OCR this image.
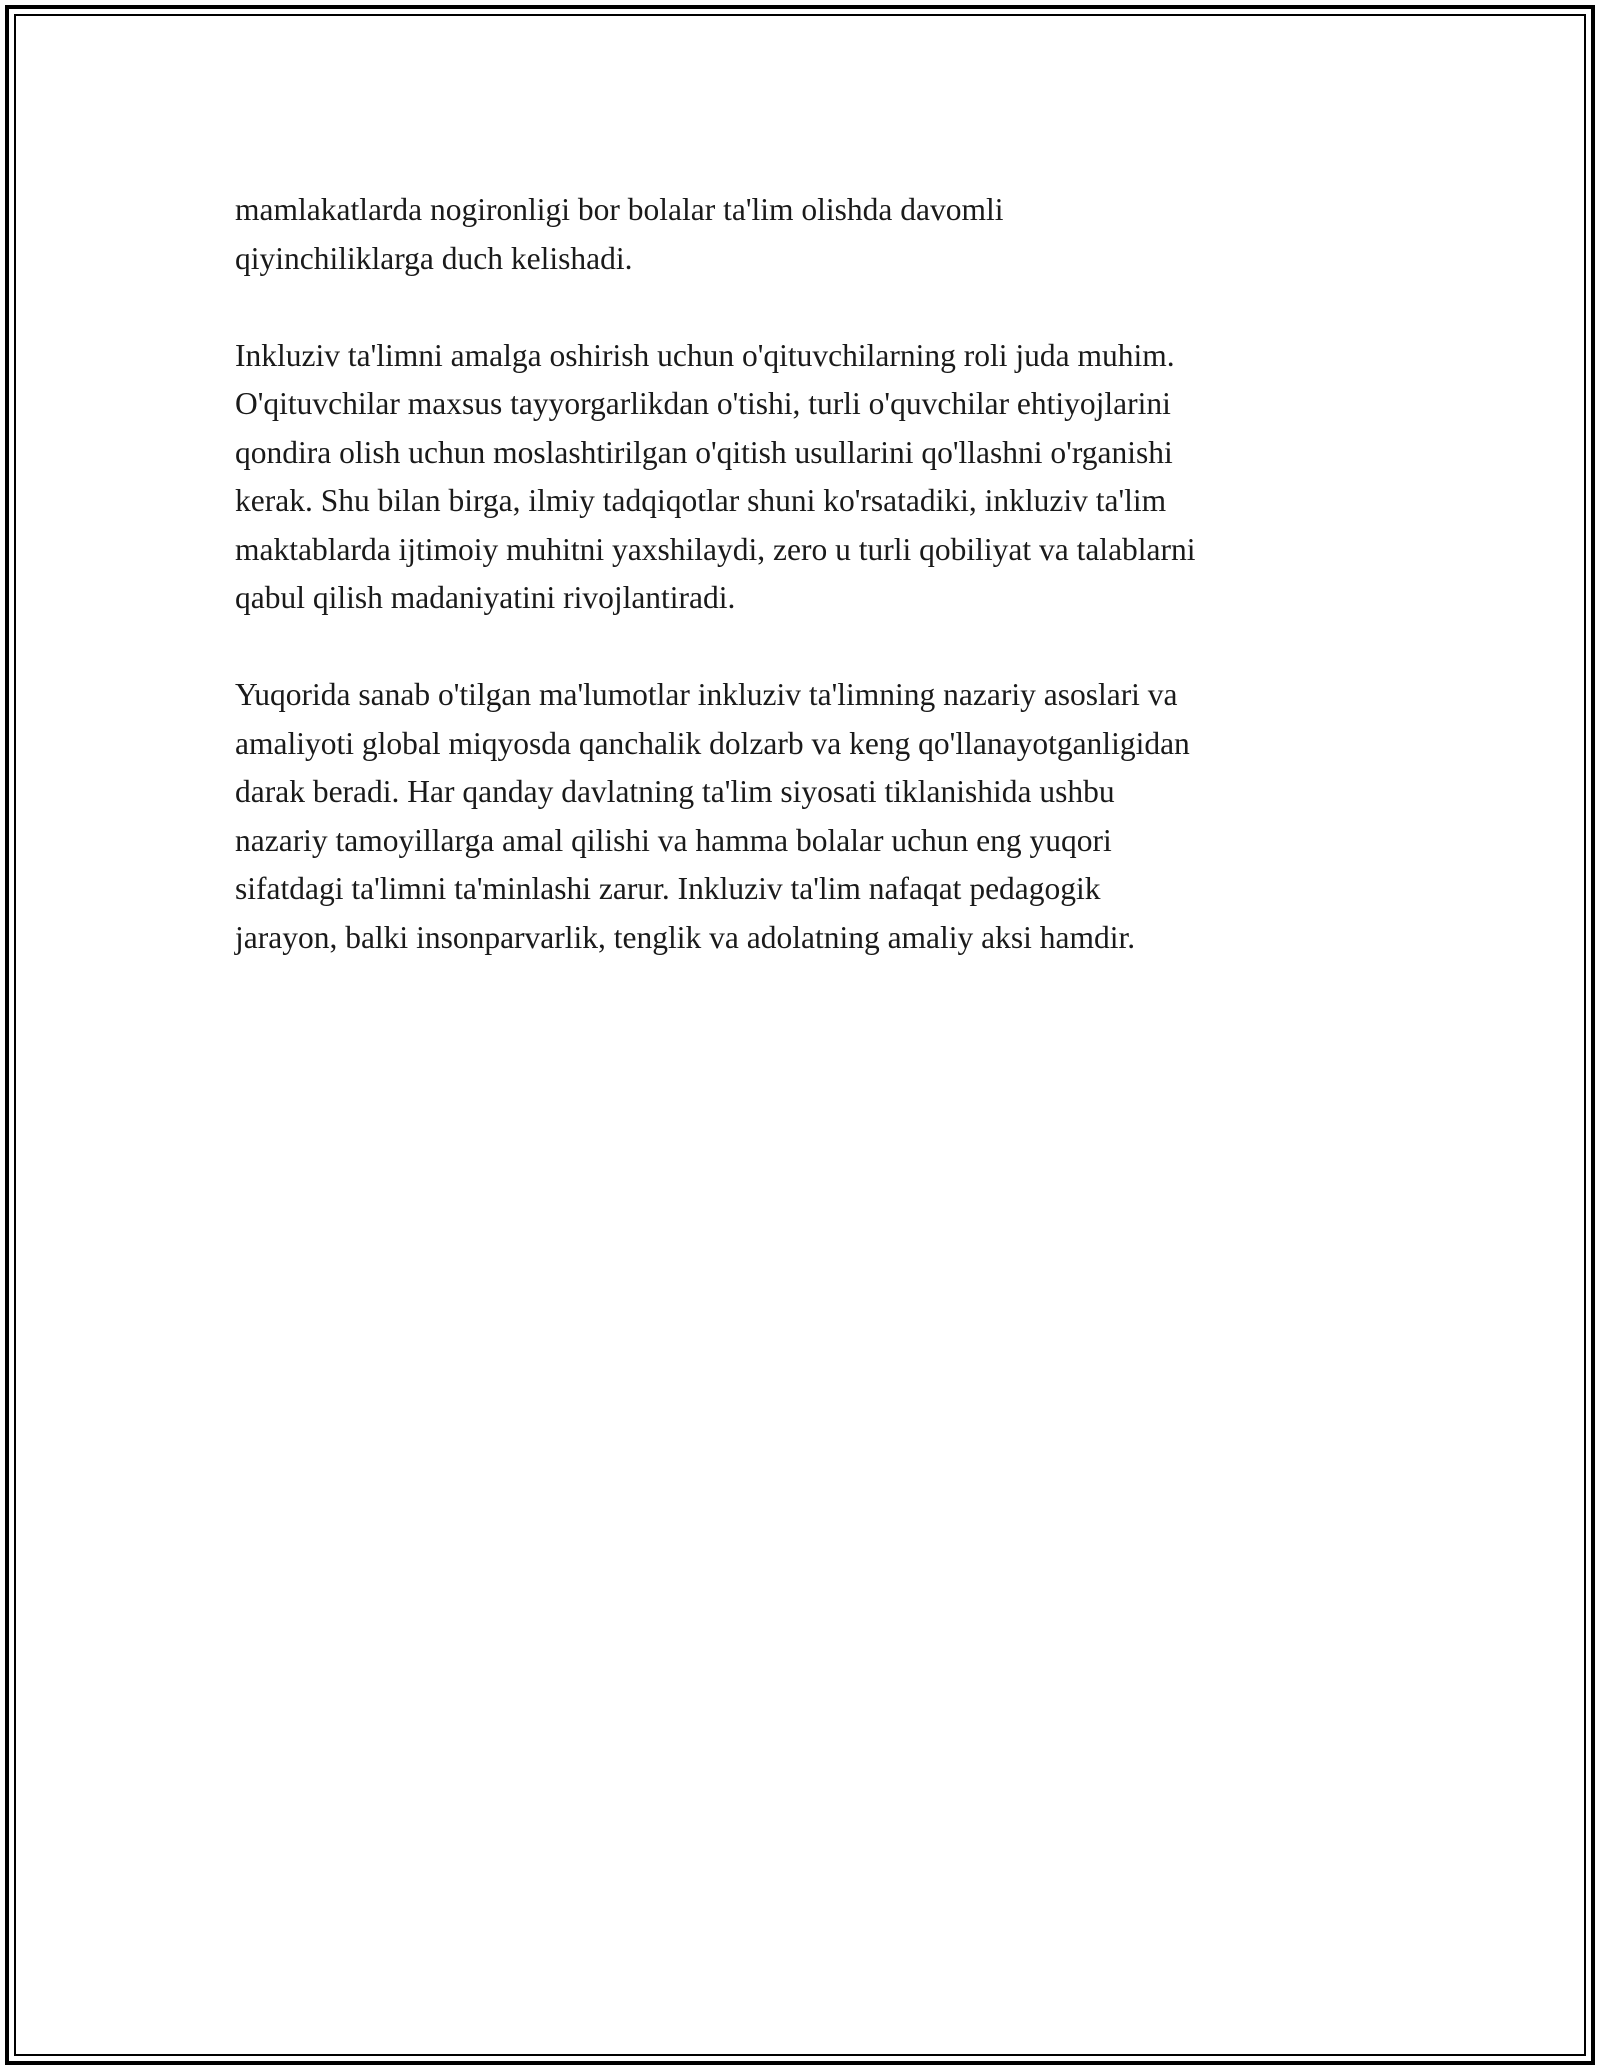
mamlakatlarda nogironligi bor bolalar ta'lim olishda davomli
qiyinchiliklarga duch kelishadi.

Inkluziv ta'limni amalga oshirish uchun o'qituvchilarning roli juda muhim.
O'qituvchilar maxsus tayyorgarlikdan o'tishi, turli o'quvchilar ehtiyojlarini
qondira olish uchun moslashtirilgan o'qitish usullarini qo'llashni o'rganishi
kerak. Shu bilan birga, ilmiy tadqiqotlar shuni ko'rsatadiki, inkluziv ta'lim
maktablarda ijtimoiy muhitni yaxshilaydi, zero u turli qobiliyat va talablarni
qabul qilish madaniyatini rivojlantiradi.

Yuqorida sanab o'tilgan ma'lumotlar inkluziv ta'limning nazariy asoslari va
amaliyoti global miqyosda qanchalik dolzarb va keng qo'llanayotganligidan
darak beradi. Har qanday davlatning ta'lim siyosati tiklanishida ushbu
nazariy tamoyillarga amal qilishi va hamma bolalar uchun eng yuqori
sifatdagi ta'limni ta'minlashi zarur. Inkluziv ta'lim nafaqat pedagogik
jarayon, balki insonparvarlik, tenglik va adolatning amaliy aksi hamdir.
